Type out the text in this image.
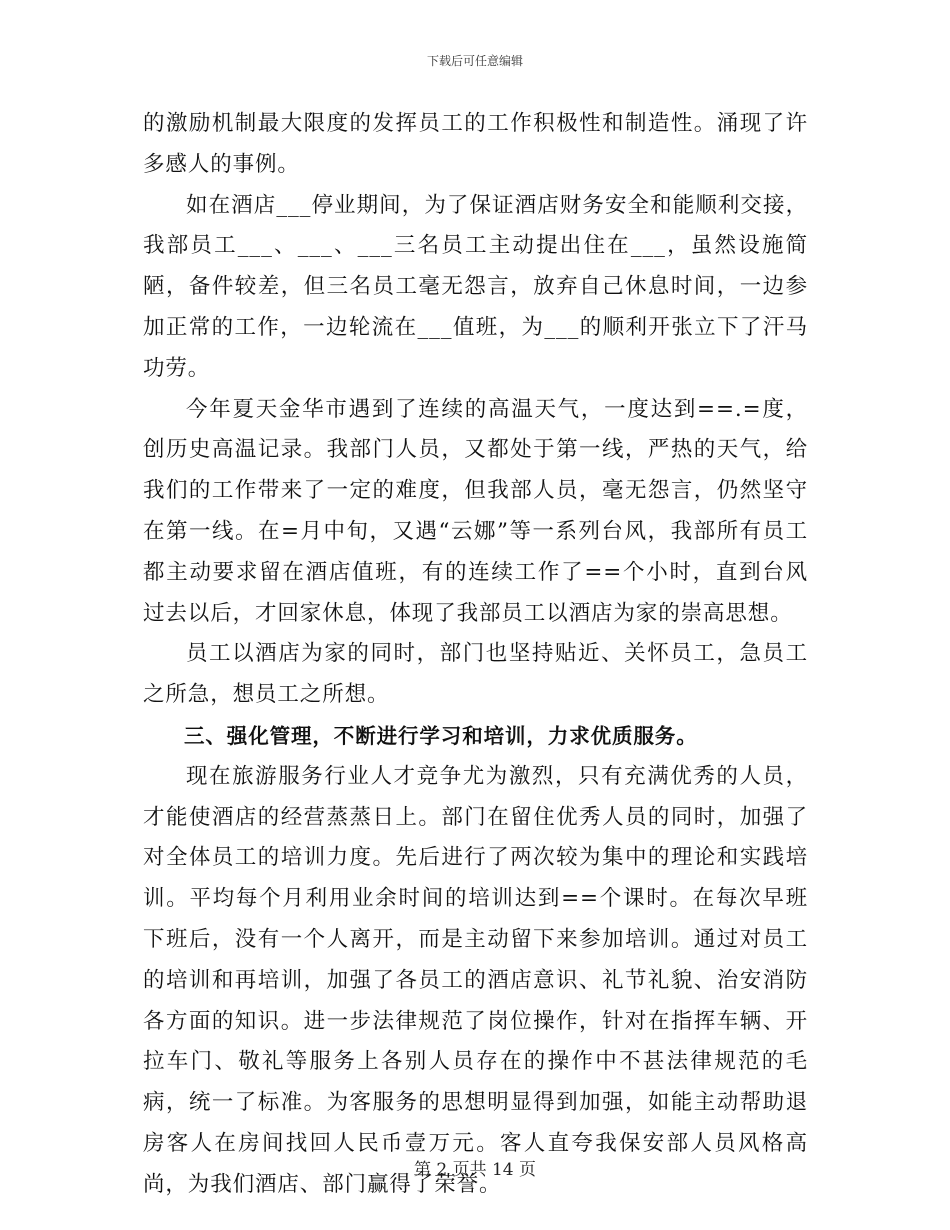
下载后可任意编辑

的激励机制最大限度的发挥员工的工作积极性和制造性。涌现了许多感人的事例。

如在酒店___停业期间，为了保证酒店财务安全和能顺利交接，我部员工___、___、___三名员工主动提出住在___，虽然设施简陋，备件较差，但三名员工毫无怨言，放弃自己休息时间，一边参加正常的工作，一边轮流在___值班，为___的顺利开张立下了汗马功劳。

今年夏天金华市遇到了连续的高温天气，一度达到==.=度，创历史高温记录。我部门人员，又都处于第一线，严热的天气，给我们的工作带来了一定的难度，但我部人员，毫无怨言，仍然坚守在第一线。在=月中旬，又遇“云娜”等一系列台风，我部所有员工都主动要求留在酒店值班，有的连续工作了==个小时，直到台风过去以后，才回家休息，体现了我部员工以酒店为家的崇高思想。

员工以酒店为家的同时，部门也坚持贴近、关怀员工，急员工之所急，想员工之所想。

三、强化管理，不断进行学习和培训，力求优质服务。

现在旅游服务行业人才竞争尤为激烈，只有充满优秀的人员，才能使酒店的经营蒸蒸日上。部门在留住优秀人员的同时，加强了对全体员工的培训力度。先后进行了两次较为集中的理论和实践培训。平均每个月利用业余时间的培训达到==个课时。在每次早班下班后，没有一个人离开，而是主动留下来参加培训。通过对员工的培训和再培训，加强了各员工的酒店意识、礼节礼貌、治安消防各方面的知识。进一步法律规范了岗位操作，针对在指挥车辆、开拉车门、敬礼等服务上各别人员存在的操作中不甚法律规范的毛病，统一了标准。为客服务的思想明显得到加强，如能主动帮助退房客人在房间找回人民币壹万元。客人直夸我保安部人员风格高尚，为我们酒店、部门赢得了荣誉。

第 2 页共 14 页
